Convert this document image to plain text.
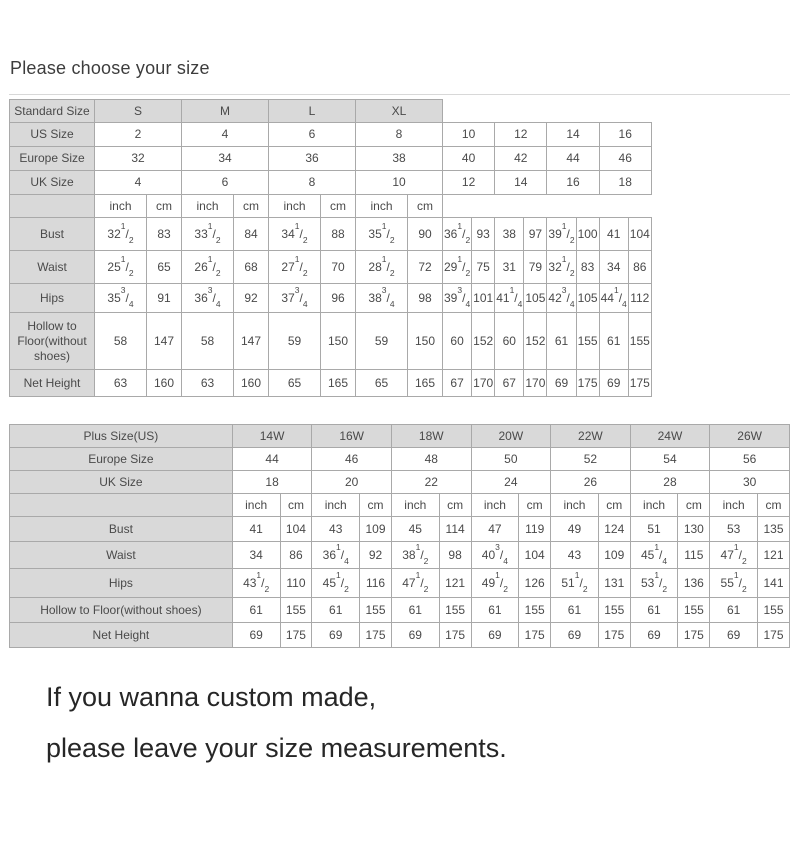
Please choose your size
Standard Size	S		M		L		XL									
US Size	2		4		6		8		10		12		14		16	
Europe Size	32		34		36		38		40		42		44		46	
UK Size	4		6		8		10		12		14		16		18	
	inch	cm	inch	cm	inch	cm	inch	cm								
Bust	$32^1/_2$	83	$33^1/_2$	84	$34^1/_2$	88	$35^1/_2$	90	$36^1/_2$	93	38	97	$39^1/_2$	100	41	104
Waist	$25^1/_2$	65	$26^1/_2$	68	$27^1/_2$	70	$28^1/_2$	72	$29^1/_2$	75	31	79	$32^1/_2$	83	34	86
Hips	$35^3/_4$	91	$36^3/_4$	92	$37^3/_4$	96	$38^3/_4$	98	$39^3/_4$	101	$41^1/_4$	105	$42^3/_4$	105	$44^1/_4$	112
Hollow to Floor(without shoes)	58	147	58	147	59	150	59	150	60	152	60	152	61	155	61	155
Net Height	63	160	63	160	65	165	65	165	67	170	67	170	69	175	69	175
Plus Size(US)	14W		16W		18W		20W		22W		24W		26W	
Europe Size	44		46		48		50		52		54		56	
UK Size	18		20		22		24		26		28		30	
	inch	cm	inch	cm	inch	cm	inch	cm	inch	cm	inch	cm	inch	cm
Bust	41	104	43	109	45	114	47	119	49	124	51	130	53	135
Waist	34	86	$36^1/_4$	92	$38^1/_2$	98	$40^3/_4$	104	43	109	$45^1/_4$	115	$47^1/_2$	121
Hips	$43^1/_2$	110	$45^1/_2$	116	$47^1/_2$	121	$49^1/_2$	126	$51^1/_2$	131	$53^1/_2$	136	$55^1/_2$	141
Hollow to Floor(without shoes)	61	155	61	155	61	155	61	155	61	155	61	155	61	155
Net Height	69	175	69	175	69	175	69	175	69	175	69	175	69	175

If you wanna custom made,

please leave your size measurements.
